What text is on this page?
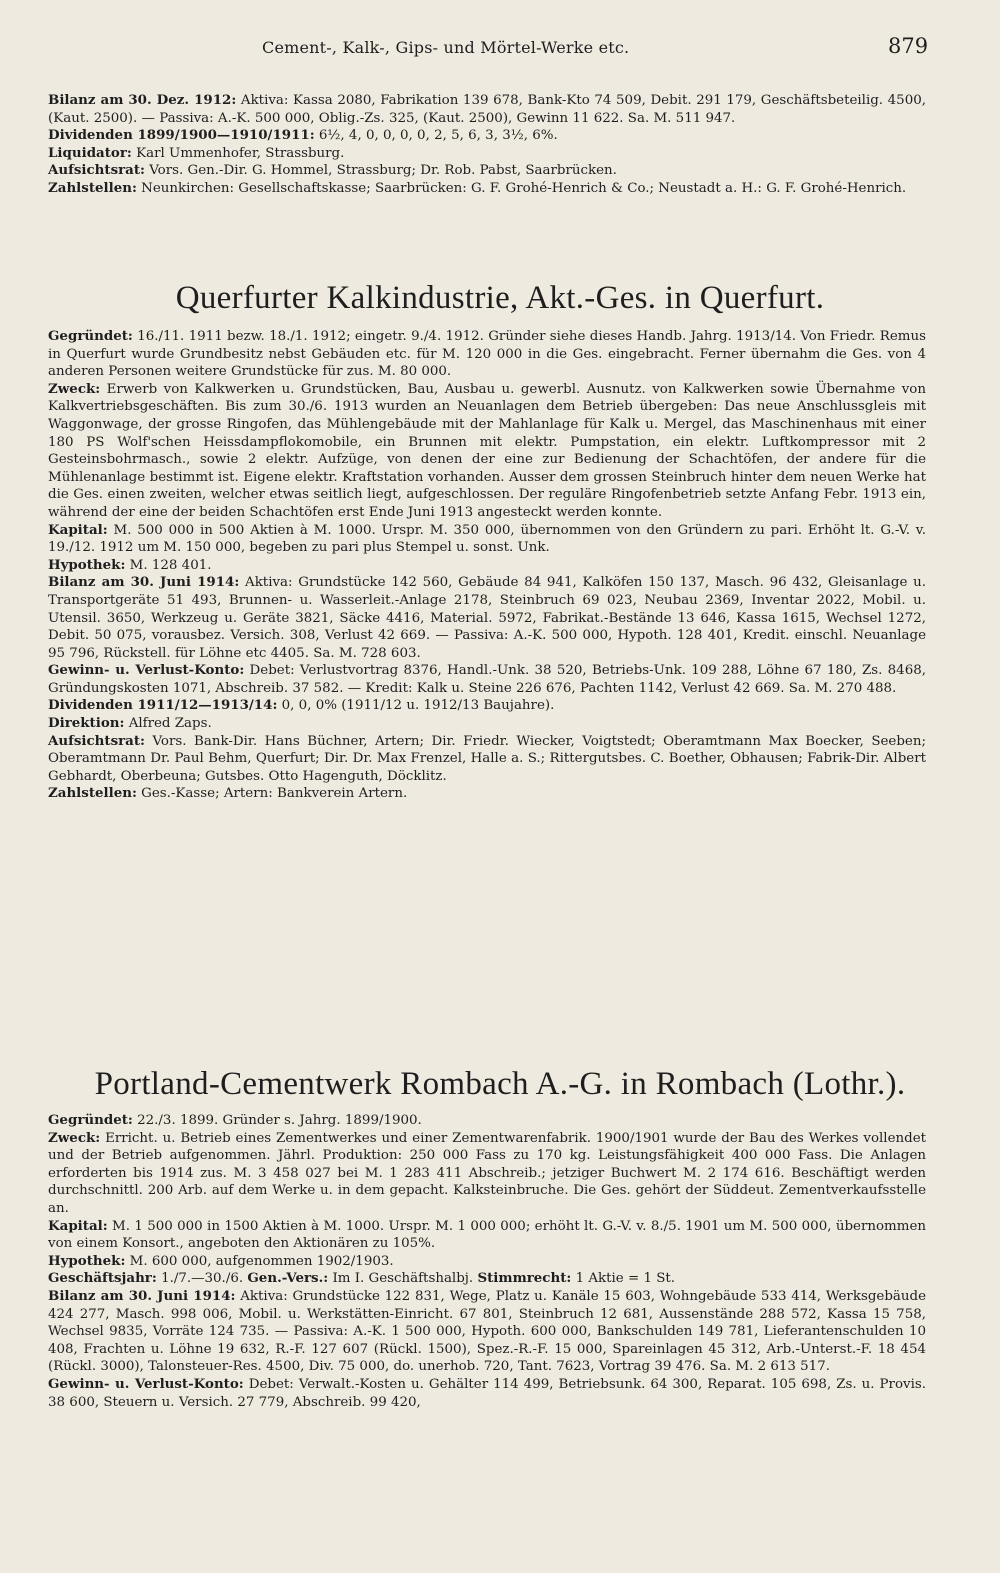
Cement-, Kalk-, Gips- und Mörtel-Werke etc.	879

Bilanz am 30. Dez. 1912: Aktiva: Kassa 2080, Fabrikation 139 678, Bank-Kto 74 509, Debit. 291 179, Geschäftsbeteilig. 4500, (Kaut. 2500). — Passiva: A.-K. 500 000, Oblig.-Zs. 325, (Kaut. 2500), Gewinn 11 622. Sa. M. 511 947.

Dividenden 1899/1900—1910/1911: 6½, 4, 0, 0, 0, 0, 2, 5, 6, 3, 3½, 6%.

Liquidator: Karl Ummenhofer, Strassburg.

Aufsichtsrat: Vors. Gen.-Dir. G. Hommel, Strassburg; Dr. Rob. Pabst, Saarbrücken.

Zahlstellen: Neunkirchen: Gesellschaftskasse; Saarbrücken: G. F. Grohé-Henrich & Co.; Neustadt a. H.: G. F. Grohé-Henrich.

Querfurter Kalkindustrie, Akt.-Ges. in Querfurt.

Gegründet: 16./11. 1911 bezw. 18./1. 1912; eingetr. 9./4. 1912. Gründer siehe dieses Handb. Jahrg. 1913/14. Von Friedr. Remus in Querfurt wurde Grundbesitz nebst Gebäuden etc. für M. 120 000 in die Ges. eingebracht. Ferner übernahm die Ges. von 4 anderen Personen weitere Grundstücke für zus. M. 80 000.

Zweck: Erwerb von Kalkwerken u. Grundstücken, Bau, Ausbau u. gewerbl. Ausnutz. von Kalkwerken sowie Übernahme von Kalkvertriebsgeschäften. Bis zum 30./6. 1913 wurden an Neuanlagen dem Betrieb übergeben: Das neue Anschlussgleis mit Waggonwage, der grosse Ringofen, das Mühlengebäude mit der Mahlanlage für Kalk u. Mergel, das Maschinenhaus mit einer 180 PS Wolf'schen Heissdampflokomobile, ein Brunnen mit elektr. Pumpstation, ein elektr. Luftkompressor mit 2 Gesteinsbohrmasch., sowie 2 elektr. Aufzüge, von denen der eine zur Bedienung der Schachtöfen, der andere für die Mühlenanlage bestimmt ist. Eigene elektr. Kraftstation vorhanden. Ausser dem grossen Steinbruch hinter dem neuen Werke hat die Ges. einen zweiten, welcher etwas seitlich liegt, aufgeschlossen. Der reguläre Ringofenbetrieb setzte Anfang Febr. 1913 ein, während der eine der beiden Schachtöfen erst Ende Juni 1913 angesteckt werden konnte.

Kapital: M. 500 000 in 500 Aktien à M. 1000. Urspr. M. 350 000, übernommen von den Gründern zu pari. Erhöht lt. G.-V. v. 19./12. 1912 um M. 150 000, begeben zu pari plus Stempel u. sonst. Unk.

Hypothek: M. 128 401.

Bilanz am 30. Juni 1914: Aktiva: Grundstücke 142 560, Gebäude 84 941, Kalköfen 150 137, Masch. 96 432, Gleisanlage u. Transportgeräte 51 493, Brunnen- u. Wasserleit.-Anlage 2178, Steinbruch 69 023, Neubau 2369, Inventar 2022, Mobil. u. Utensil. 3650, Werkzeug u. Geräte 3821, Säcke 4416, Material. 5972, Fabrikat.-Bestände 13 646, Kassa 1615, Wechsel 1272, Debit. 50 075, vorausbez. Versich. 308, Verlust 42 669. — Passiva: A.-K. 500 000, Hypoth. 128 401, Kredit. einschl. Neuanlage 95 796, Rückstell. für Löhne etc 4405. Sa. M. 728 603.

Gewinn- u. Verlust-Konto: Debet: Verlustvortrag 8376, Handl.-Unk. 38 520, Betriebs-Unk. 109 288, Löhne 67 180, Zs. 8468, Gründungskosten 1071, Abschreib. 37 582. — Kredit: Kalk u. Steine 226 676, Pachten 1142, Verlust 42 669. Sa. M. 270 488.

Dividenden 1911/12—1913/14: 0, 0, 0% (1911/12 u. 1912/13 Baujahre).

Direktion: Alfred Zaps.

Aufsichtsrat: Vors. Bank-Dir. Hans Büchner, Artern; Dir. Friedr. Wiecker, Voigtstedt; Oberamtmann Max Boecker, Seeben; Oberamtmann Dr. Paul Behm, Querfurt; Dir. Dr. Max Frenzel, Halle a. S.; Rittergutsbes. C. Boether, Obhausen; Fabrik-Dir. Albert Gebhardt, Oberbeuna; Gutsbes. Otto Hagenguth, Döcklitz.

Zahlstellen: Ges.-Kasse; Artern: Bankverein Artern.

Portland-Cementwerk Rombach A.-G. in Rombach (Lothr.).

Gegründet: 22./3. 1899. Gründer s. Jahrg. 1899/1900.

Zweck: Erricht. u. Betrieb eines Zementwerkes und einer Zementwarenfabrik. 1900/1901 wurde der Bau des Werkes vollendet und der Betrieb aufgenommen. Jährl. Produktion: 250 000 Fass zu 170 kg. Leistungsfähigkeit 400 000 Fass. Die Anlagen erforderten bis 1914 zus. M. 3 458 027 bei M. 1 283 411 Abschreib.; jetziger Buchwert M. 2 174 616. Beschäftigt werden durchschnittl. 200 Arb. auf dem Werke u. in dem gepacht. Kalksteinbruche. Die Ges. gehört der Süddeut. Zementverkaufsstelle an.

Kapital: M. 1 500 000 in 1500 Aktien à M. 1000. Urspr. M. 1 000 000; erhöht lt. G.-V. v. 8./5. 1901 um M. 500 000, übernommen von einem Konsort., angeboten den Aktionären zu 105%.

Hypothek: M. 600 000, aufgenommen 1902/1903.

Geschäftsjahr: 1./7.—30./6. Gen.-Vers.: Im I. Geschäftshalbj. Stimmrecht: 1 Aktie = 1 St.

Bilanz am 30. Juni 1914: Aktiva: Grundstücke 122 831, Wege, Platz u. Kanäle 15 603, Wohngebäude 533 414, Werksgebäude 424 277, Masch. 998 006, Mobil. u. Werkstätten-Einricht. 67 801, Steinbruch 12 681, Aussenstände 288 572, Kassa 15 758, Wechsel 9835, Vorräte 124 735. — Passiva: A.-K. 1 500 000, Hypoth. 600 000, Bankschulden 149 781, Lieferantenschulden 10 408, Frachten u. Löhne 19 632, R.-F. 127 607 (Rückl. 1500), Spez.-R.-F. 15 000, Spareinlagen 45 312, Arb.-Unterst.-F. 18 454 (Rückl. 3000), Talonsteuer-Res. 4500, Div. 75 000, do. unerhob. 720, Tant. 7623, Vortrag 39 476. Sa. M. 2 613 517.

Gewinn- u. Verlust-Konto: Debet: Verwalt.-Kosten u. Gehälter 114 499, Betriebsunk. 64 300, Reparat. 105 698, Zs. u. Provis. 38 600, Steuern u. Versich. 27 779, Abschreib. 99 420,
